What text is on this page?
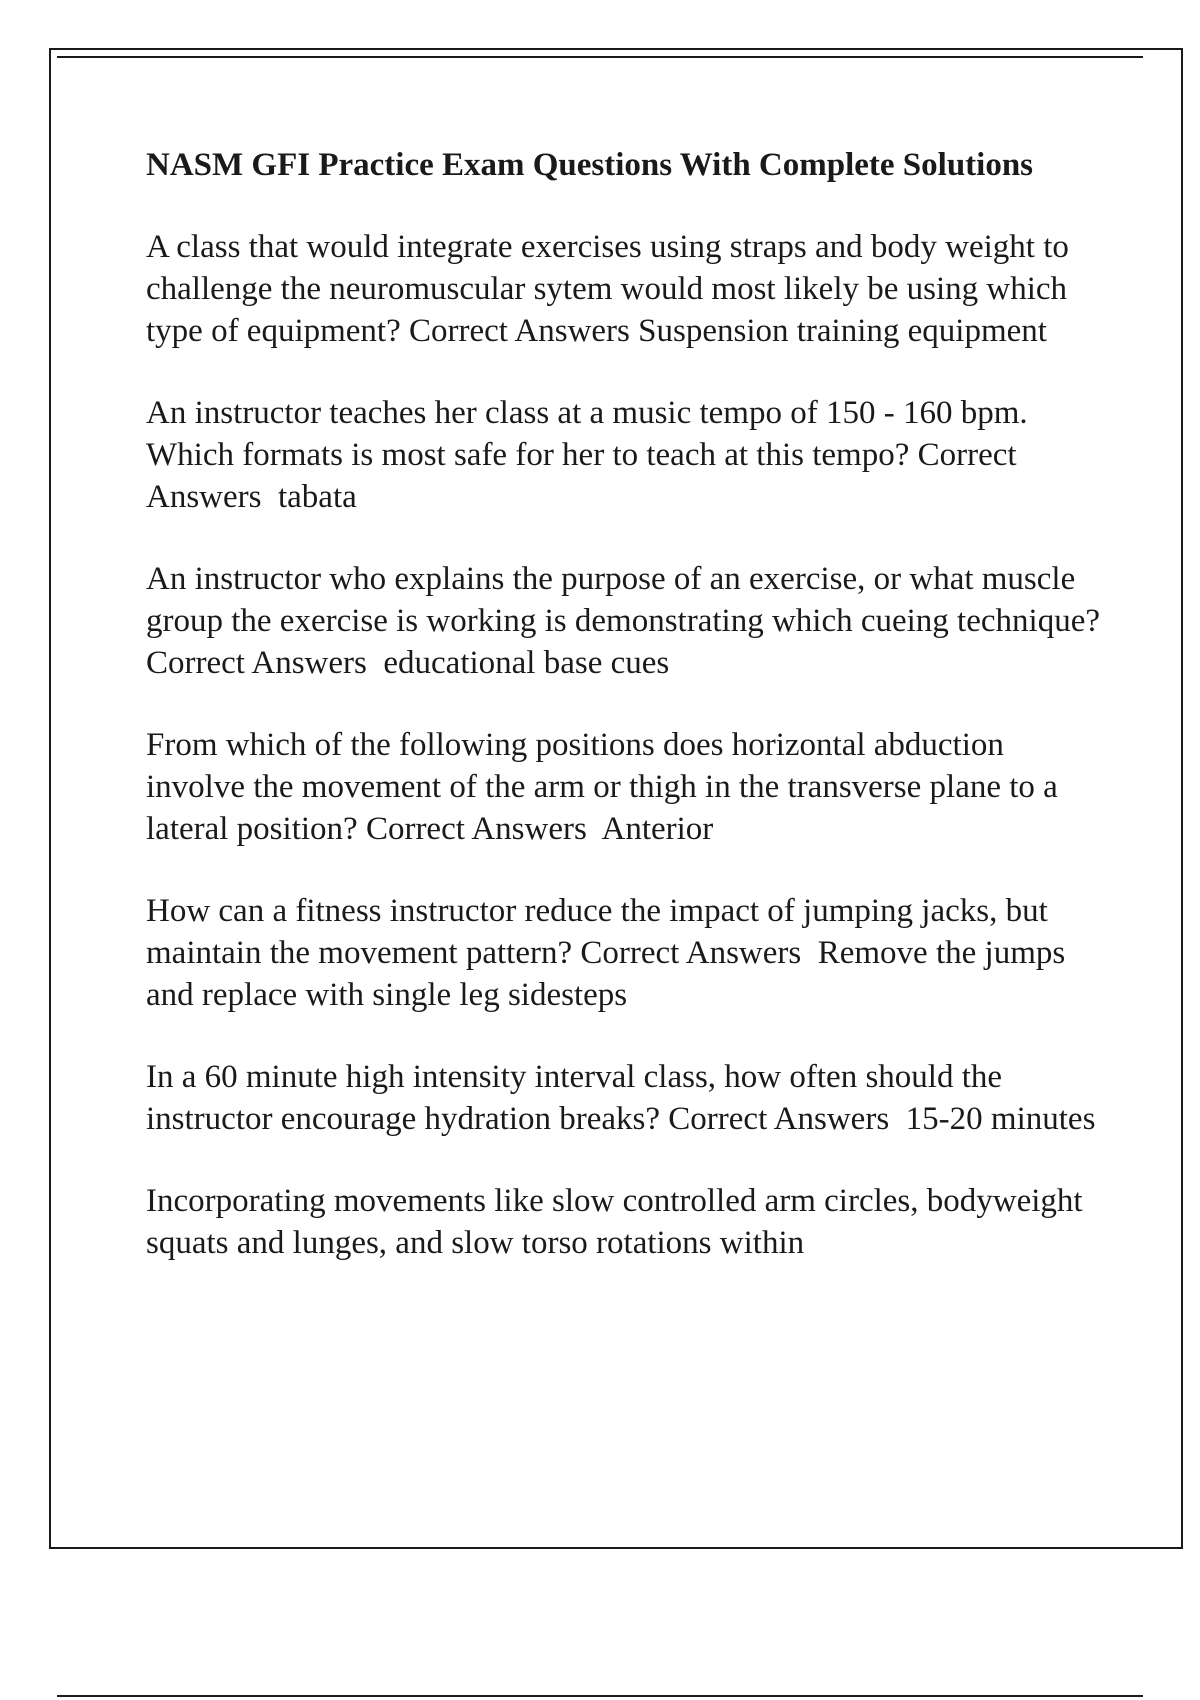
NASM GFI Practice Exam Questions With Complete Solutions
A class that would integrate exercises using straps and body weight to challenge the neuromuscular sytem would most likely be using which type of equipment? Correct Answers Suspension training equipment
An instructor teaches her class at a music tempo of 150 - 160 bpm. Which formats is most safe for her to teach at this tempo? Correct Answers tabata
An instructor who explains the purpose of an exercise, or what muscle group the exercise is working is demonstrating which cueing technique? Correct Answers educational base cues
From which of the following positions does horizontal abduction involve the movement of the arm or thigh in the transverse plane to a lateral position? Correct Answers Anterior
How can a fitness instructor reduce the impact of jumping jacks, but maintain the movement pattern? Correct Answers Remove the jumps and replace with single leg sidesteps
In a 60 minute high intensity interval class, how often should the instructor encourage hydration breaks? Correct Answers 15-20 minutes
Incorporating movements like slow controlled arm circles, bodyweight squats and lunges, and slow torso rotations within
